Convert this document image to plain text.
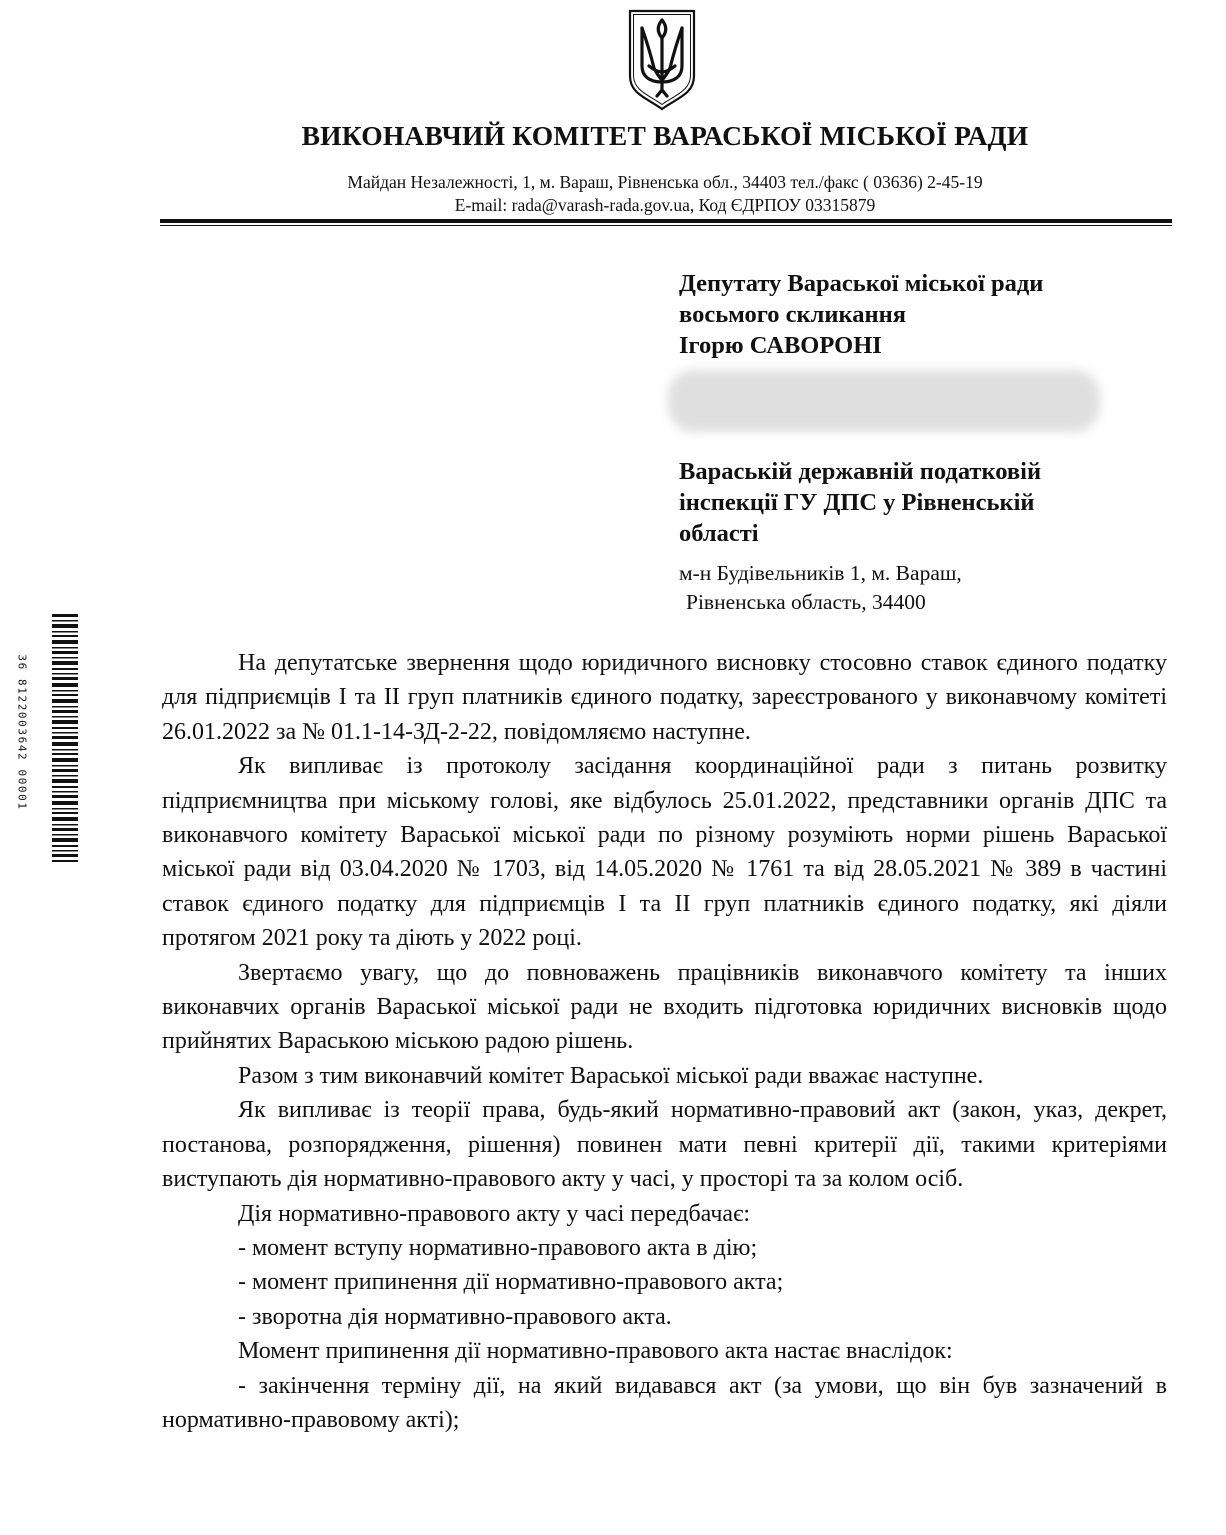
ВИКОНАВЧИЙ КОМІТЕТ ВАРАСЬКОЇ МІСЬКОЇ РАДИ
Майдан Незалежності, 1, м. Вараш, Рівненська обл., 34403 тел./факс ( 03636) 2-45-19
E-mail: rada@varash-rada.gov.ua, Код ЄДРПОУ 03315879
Депутату Вараської міської ради
восьмого скликання
Ігорю САВОРОНІ
Вараській державній податковій
інспекції ГУ ДПС у Рівненській
області
м-н Будівельників 1, м. Вараш,
Рівненська область, 34400
36 8122003642 00001	На депутатське звернення щодо юридичного висновку стосовно ставок єдиного податку для підприємців І та ІІ груп платників єдиного податку, зареєстрованого у виконавчому комітеті 26.01.2022 за № 01.1-14-ЗД-2-22, повідомляємо наступне.

Як випливає із протоколу засідання координаційної ради з питань розвитку підприємництва при міському голові, яке відбулось 25.01.2022, представники органів ДПС та виконавчого комітету Вараської міської ради по різному розуміють норми рішень Вараської міської ради від 03.04.2020 № 1703, від 14.05.2020 № 1761 та від 28.05.2021 № 389 в частині ставок єдиного податку для підприємців І та ІІ груп платників єдиного податку, які діяли протягом 2021 року та діють у 2022 році.

Звертаємо увагу, що до повноважень працівників виконавчого комітету та інших виконавчих органів Вараської міської ради не входить підготовка юридичних висновків щодо прийнятих Вараською міською радою рішень.

Разом з тим виконавчий комітет Вараської міської ради вважає наступне.

Як випливає із теорії права, будь-який нормативно-правовий акт (закон, указ, декрет, постанова, розпорядження, рішення) повинен мати певні критерії дії, такими критеріями виступають дія нормативно-правового акту у часі, у просторі та за колом осіб.

Дія нормативно-правового акту у часі передбачає:

- момент вступу нормативно-правового акта в дію;

- момент припинення дії нормативно-правового акта;

- зворотна дія нормативно-правового акта.

Момент припинення дії нормативно-правового акта настає внаслідок:

- закінчення терміну дії, на який видавався акт (за умови, що він був зазначений в нормативно-правовому акті);
